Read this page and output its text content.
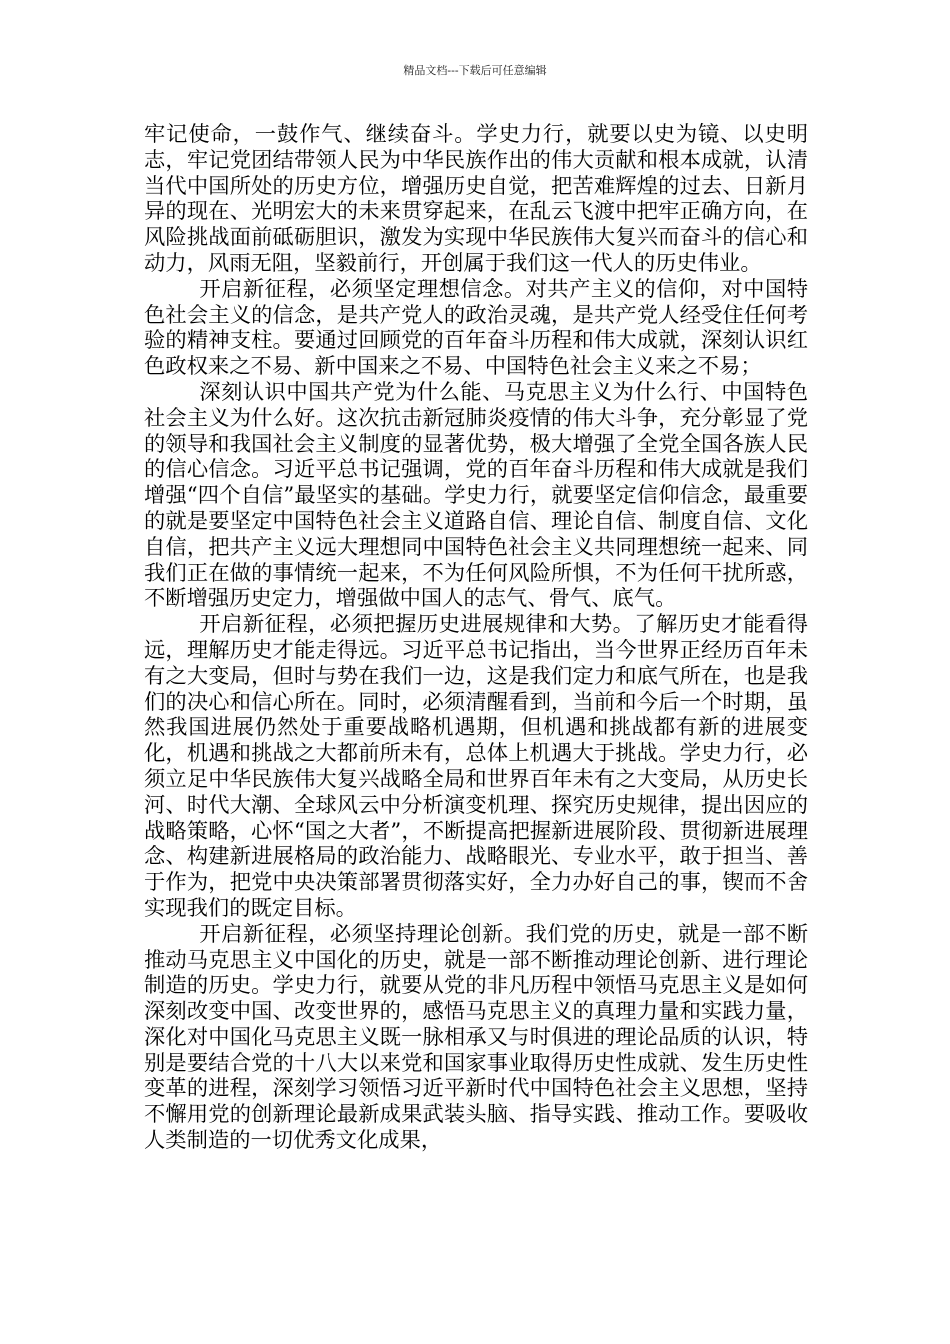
精品文档---下载后可任意编辑

牢记使命，一鼓作气、继续奋斗。学史力行，就要以史为镜、以史明志，牢记党团结带领人民为中华民族作出的伟大贡献和根本成就，认清当代中国所处的历史方位，增强历史自觉，把苦难辉煌的过去、日新月异的现在、光明宏大的未来贯穿起来，在乱云飞渡中把牢正确方向，在风险挑战面前砥砺胆识，激发为实现中华民族伟大复兴而奋斗的信心和动力，风雨无阻，坚毅前行，开创属于我们这一代人的历史伟业。

开启新征程，必须坚定理想信念。对共产主义的信仰，对中国特色社会主义的信念，是共产党人的政治灵魂，是共产党人经受住任何考验的精神支柱。要通过回顾党的百年奋斗历程和伟大成就，深刻认识红色政权来之不易、新中国来之不易、中国特色社会主义来之不易；

深刻认识中国共产党为什么能、马克思主义为什么行、中国特色社会主义为什么好。这次抗击新冠肺炎疫情的伟大斗争，充分彰显了党的领导和我国社会主义制度的显著优势，极大增强了全党全国各族人民的信心信念。习近平总书记强调，党的百年奋斗历程和伟大成就是我们增强“四个自信”最坚实的基础。学史力行，就要坚定信仰信念，最重要的就是要坚定中国特色社会主义道路自信、理论自信、制度自信、文化自信，把共产主义远大理想同中国特色社会主义共同理想统一起来、同我们正在做的事情统一起来，不为任何风险所惧，不为任何干扰所惑，不断增强历史定力，增强做中国人的志气、骨气、底气。

开启新征程，必须把握历史进展规律和大势。了解历史才能看得远，理解历史才能走得远。习近平总书记指出，当今世界正经历百年未有之大变局，但时与势在我们一边，这是我们定力和底气所在，也是我们的决心和信心所在。同时，必须清醒看到，当前和今后一个时期，虽然我国进展仍然处于重要战略机遇期，但机遇和挑战都有新的进展变化，机遇和挑战之大都前所未有，总体上机遇大于挑战。学史力行，必须立足中华民族伟大复兴战略全局和世界百年未有之大变局，从历史长河、时代大潮、全球风云中分析演变机理、探究历史规律，提出因应的战略策略，心怀“国之大者”，不断提高把握新进展阶段、贯彻新进展理念、构建新进展格局的政治能力、战略眼光、专业水平，敢于担当、善于作为，把党中央决策部署贯彻落实好，全力办好自己的事，锲而不舍实现我们的既定目标。

开启新征程，必须坚持理论创新。我们党的历史，就是一部不断推动马克思主义中国化的历史，就是一部不断推动理论创新、进行理论制造的历史。学史力行，就要从党的非凡历程中领悟马克思主义是如何深刻改变中国、改变世界的，感悟马克思主义的真理力量和实践力量，深化对中国化马克思主义既一脉相承又与时俱进的理论品质的认识，特别是要结合党的十八大以来党和国家事业取得历史性成就、发生历史性变革的进程，深刻学习领悟习近平新时代中国特色社会主义思想，坚持不懈用党的创新理论最新成果武装头脑、指导实践、推动工作。要吸收人类制造的一切优秀文化成果，
